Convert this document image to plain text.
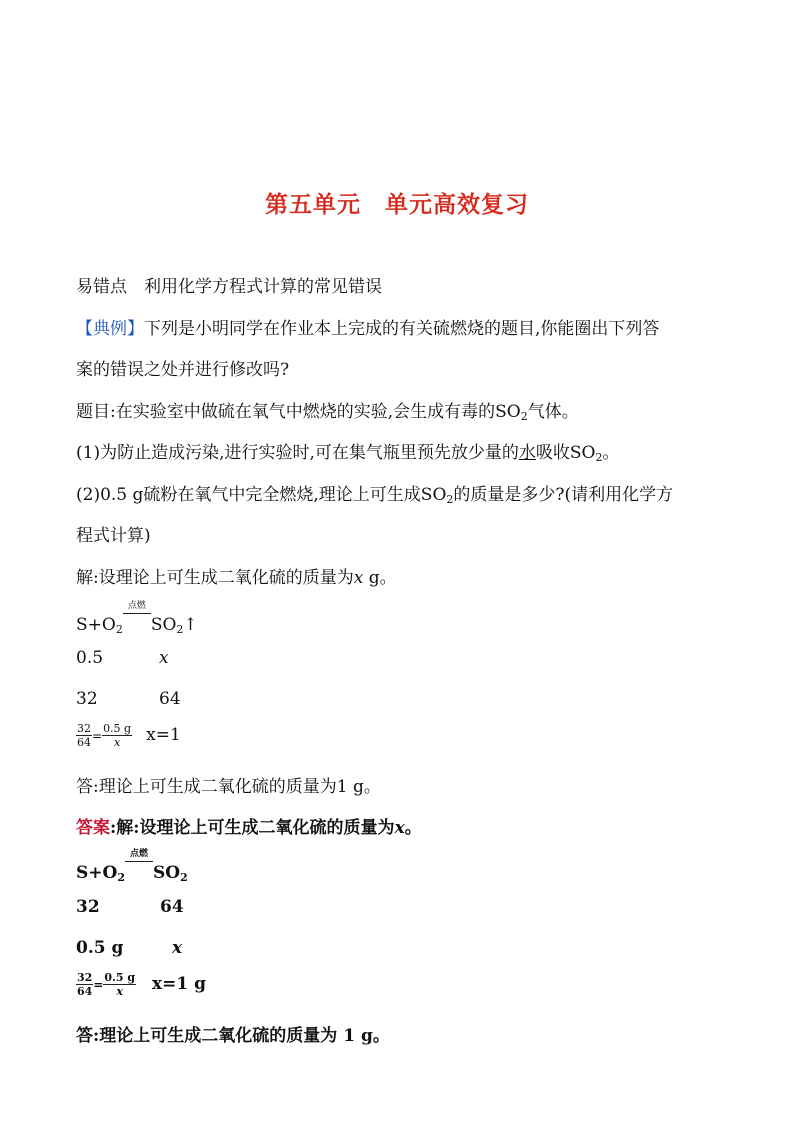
第五单元　单元高效复习
易错点　利用化学方程式计算的常见错误
【典例】下列是小明同学在作业本上完成的有关硫燃烧的题目,你能圈出下列答
案的错误之处并进行修改吗?
题目:在实验室中做硫在氧气中燃烧的实验,会生成有毒的$SO_2$气体。
(1)为防止造成污染,进行实验时,可在集气瓶里预先放少量的水吸收$SO_2$。
(2)0.5 g硫粉在氧气中完全燃烧,理论上可生成$SO_2$的质量是多少?(请利用化学方
程式计算)
解:设理论上可生成二氧化硫的质量为x g。
$S+O_2$
点燃
$SO_2↑$
0.5	x
32	64
$\frac{32}{64} = \frac{0.5 g}{x} x=1$
答:理论上可生成二氧化硫的质量为1 g。
答案:解:设理论上可生成二氧化硫的质量为x。
$S+O_2$
点燃
$SO_2$
32	64
0.5 g	x
$\frac{32}{64} = \frac{0.5 g}{x} x=1$ g
答:理论上可生成二氧化硫的质量为 1 g。
